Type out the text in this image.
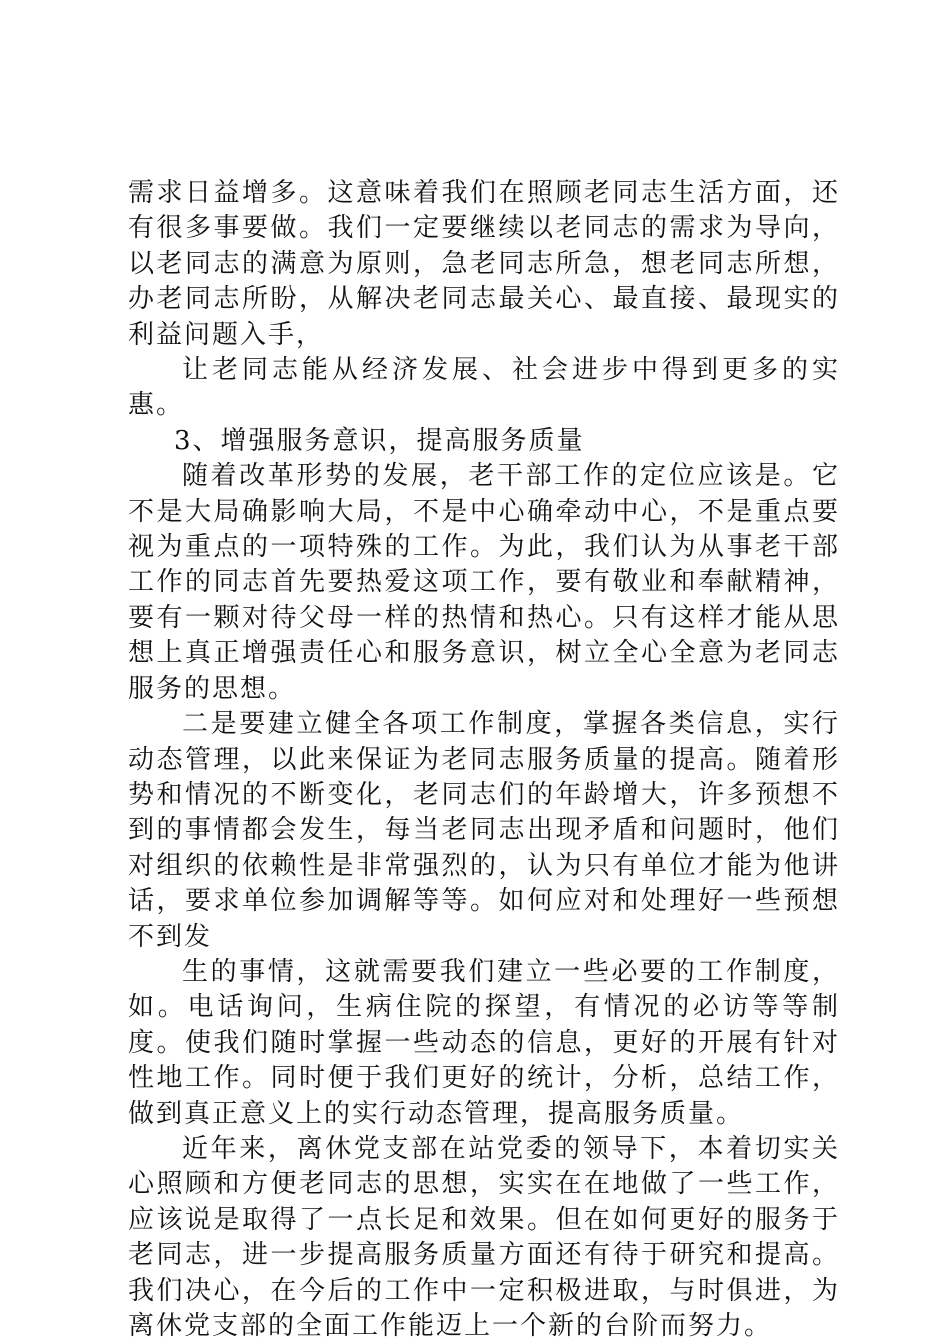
需求日益增多。这意味着我们在照顾老同志生活方面，还有很多事要做。我们一定要继续以老同志的需求为导向，以老同志的满意为原则，急老同志所急，想老同志所想，办老同志所盼，从解决老同志最关心、最直接、最现实的利益问题入手，

让老同志能从经济发展、社会进步中得到更多的实惠。

3、增强服务意识，提高服务质量

随着改革形势的发展，老干部工作的定位应该是。它不是大局确影响大局，不是中心确牵动中心，不是重点要视为重点的一项特殊的工作。为此，我们认为从事老干部工作的同志首先要热爱这项工作，要有敬业和奉献精神，要有一颗对待父母一样的热情和热心。只有这样才能从思想上真正增强责任心和服务意识，树立全心全意为老同志服务的思想。

二是要建立健全各项工作制度，掌握各类信息，实行动态管理，以此来保证为老同志服务质量的提高。随着形势和情况的不断变化，老同志们的年龄增大，许多预想不到的事情都会发生，每当老同志出现矛盾和问题时，他们对组织的依赖性是非常强烈的，认为只有单位才能为他讲话，要求单位参加调解等等。如何应对和处理好一些预想不到发

生的事情，这就需要我们建立一些必要的工作制度，如。电话询问，生病住院的探望，有情况的必访等等制度。使我们随时掌握一些动态的信息，更好的开展有针对性地工作。同时便于我们更好的统计，分析，总结工作，做到真正意义上的实行动态管理，提高服务质量。

近年来，离休党支部在站党委的领导下，本着切实关心照顾和方便老同志的思想，实实在在地做了一些工作，应该说是取得了一点长足和效果。但在如何更好的服务于老同志，进一步提高服务质量方面还有待于研究和提高。我们决心，在今后的工作中一定积极进取，与时俱进，为离休党支部的全面工作能迈上一个新的台阶而努力。
